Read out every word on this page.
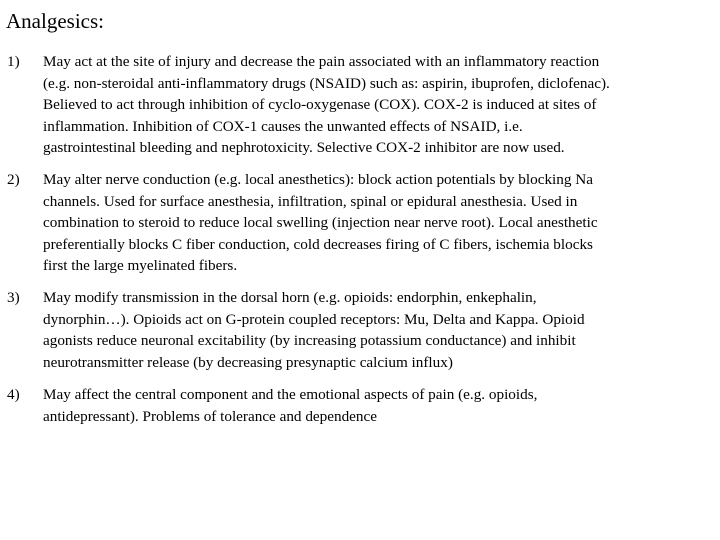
Analgesics:
1)	May act at the site of injury and decrease the pain associated with an inflammatory reaction
(e.g. non-steroidal anti-inflammatory drugs (NSAID) such as: aspirin, ibuprofen, diclofenac).
Believed to act through inhibition of cyclo-oxygenase (COX). COX-2 is induced at sites of
inflammation. Inhibition of COX-1 causes the unwanted effects of NSAID, i.e.
gastrointestinal bleeding and nephrotoxicity. Selective COX-2 inhibitor are now used.
2)	May alter nerve conduction (e.g. local anesthetics): block action potentials by blocking Na
channels. Used for surface anesthesia, infiltration, spinal or epidural anesthesia. Used in
combination to steroid to reduce local swelling (injection near nerve root). Local anesthetic
preferentially blocks C fiber conduction, cold decreases firing of C fibers, ischemia blocks
first the large myelinated fibers.
3)	May modify transmission in the dorsal horn (e.g. opioids: endorphin, enkephalin,
dynorphin…). Opioids act on G-protein coupled receptors: Mu, Delta and Kappa. Opioid
agonists reduce neuronal excitability (by increasing potassium conductance) and inhibit
neurotransmitter release (by decreasing presynaptic calcium influx)
4)	May affect the central component and the emotional aspects of pain (e.g. opioids,
antidepressant). Problems of tolerance and dependence
